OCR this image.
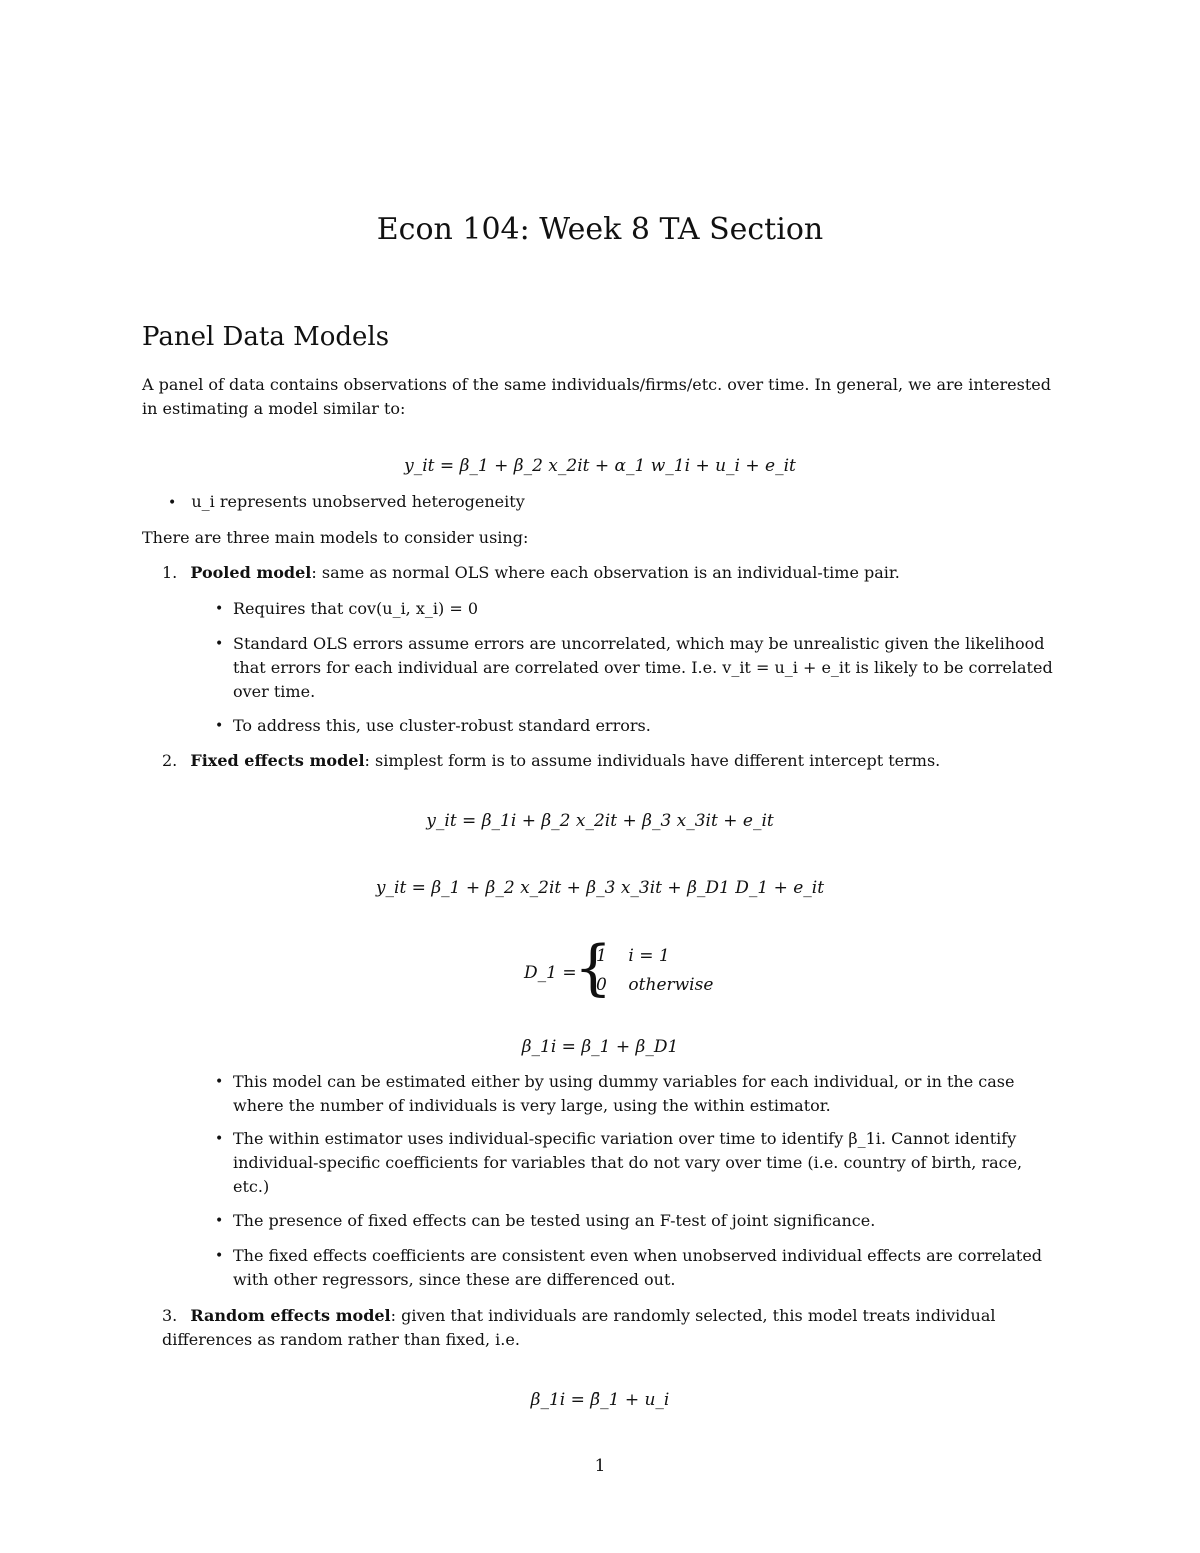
Econ 104: Week 8 TA Section
Panel Data Models
A panel of data contains observations of the same individuals/firms/etc. over time. In general, we are interested in estimating a model similar to:
y_it = β_1 + β_2 x_2it + α_1 w_1i + u_i + e_it
• u_i represents unobserved heterogeneity
There are three main models to consider using:
1. Pooled model: same as normal OLS where each observation is an individual-time pair.
• Requires that cov(u_i, x_i) = 0
• Standard OLS errors assume errors are uncorrelated, which may be unrealistic given the likelihood that errors for each individual are correlated over time. I.e. v_it = u_i + e_it is likely to be correlated over time.
• To address this, use cluster-robust standard errors.
2. Fixed effects model: simplest form is to assume individuals have different intercept terms.
y_it = β_1i + β_2 x_2it + β_3 x_3it + e_it
y_it = β_1 + β_2 x_2it + β_3 x_3it + β_D1 D_1 + e_it
D_1 =
{
1    i = 1
0    otherwise
β_1i = β_1 + β_D1
• This model can be estimated either by using dummy variables for each individual, or in the case where the number of individuals is very large, using the within estimator.
• The within estimator uses individual-specific variation over time to identify β_1i. Cannot identify individual-specific coefficients for variables that do not vary over time (i.e. country of birth, race, etc.)
• The presence of fixed effects can be tested using an F-test of joint significance.
• The fixed effects coefficients are consistent even when unobserved individual effects are correlated with other regressors, since these are differenced out.
3. Random effects model: given that individuals are randomly selected, this model treats individual differences as random rather than fixed, i.e.
β_1i = β̄_1 + u_i
1
